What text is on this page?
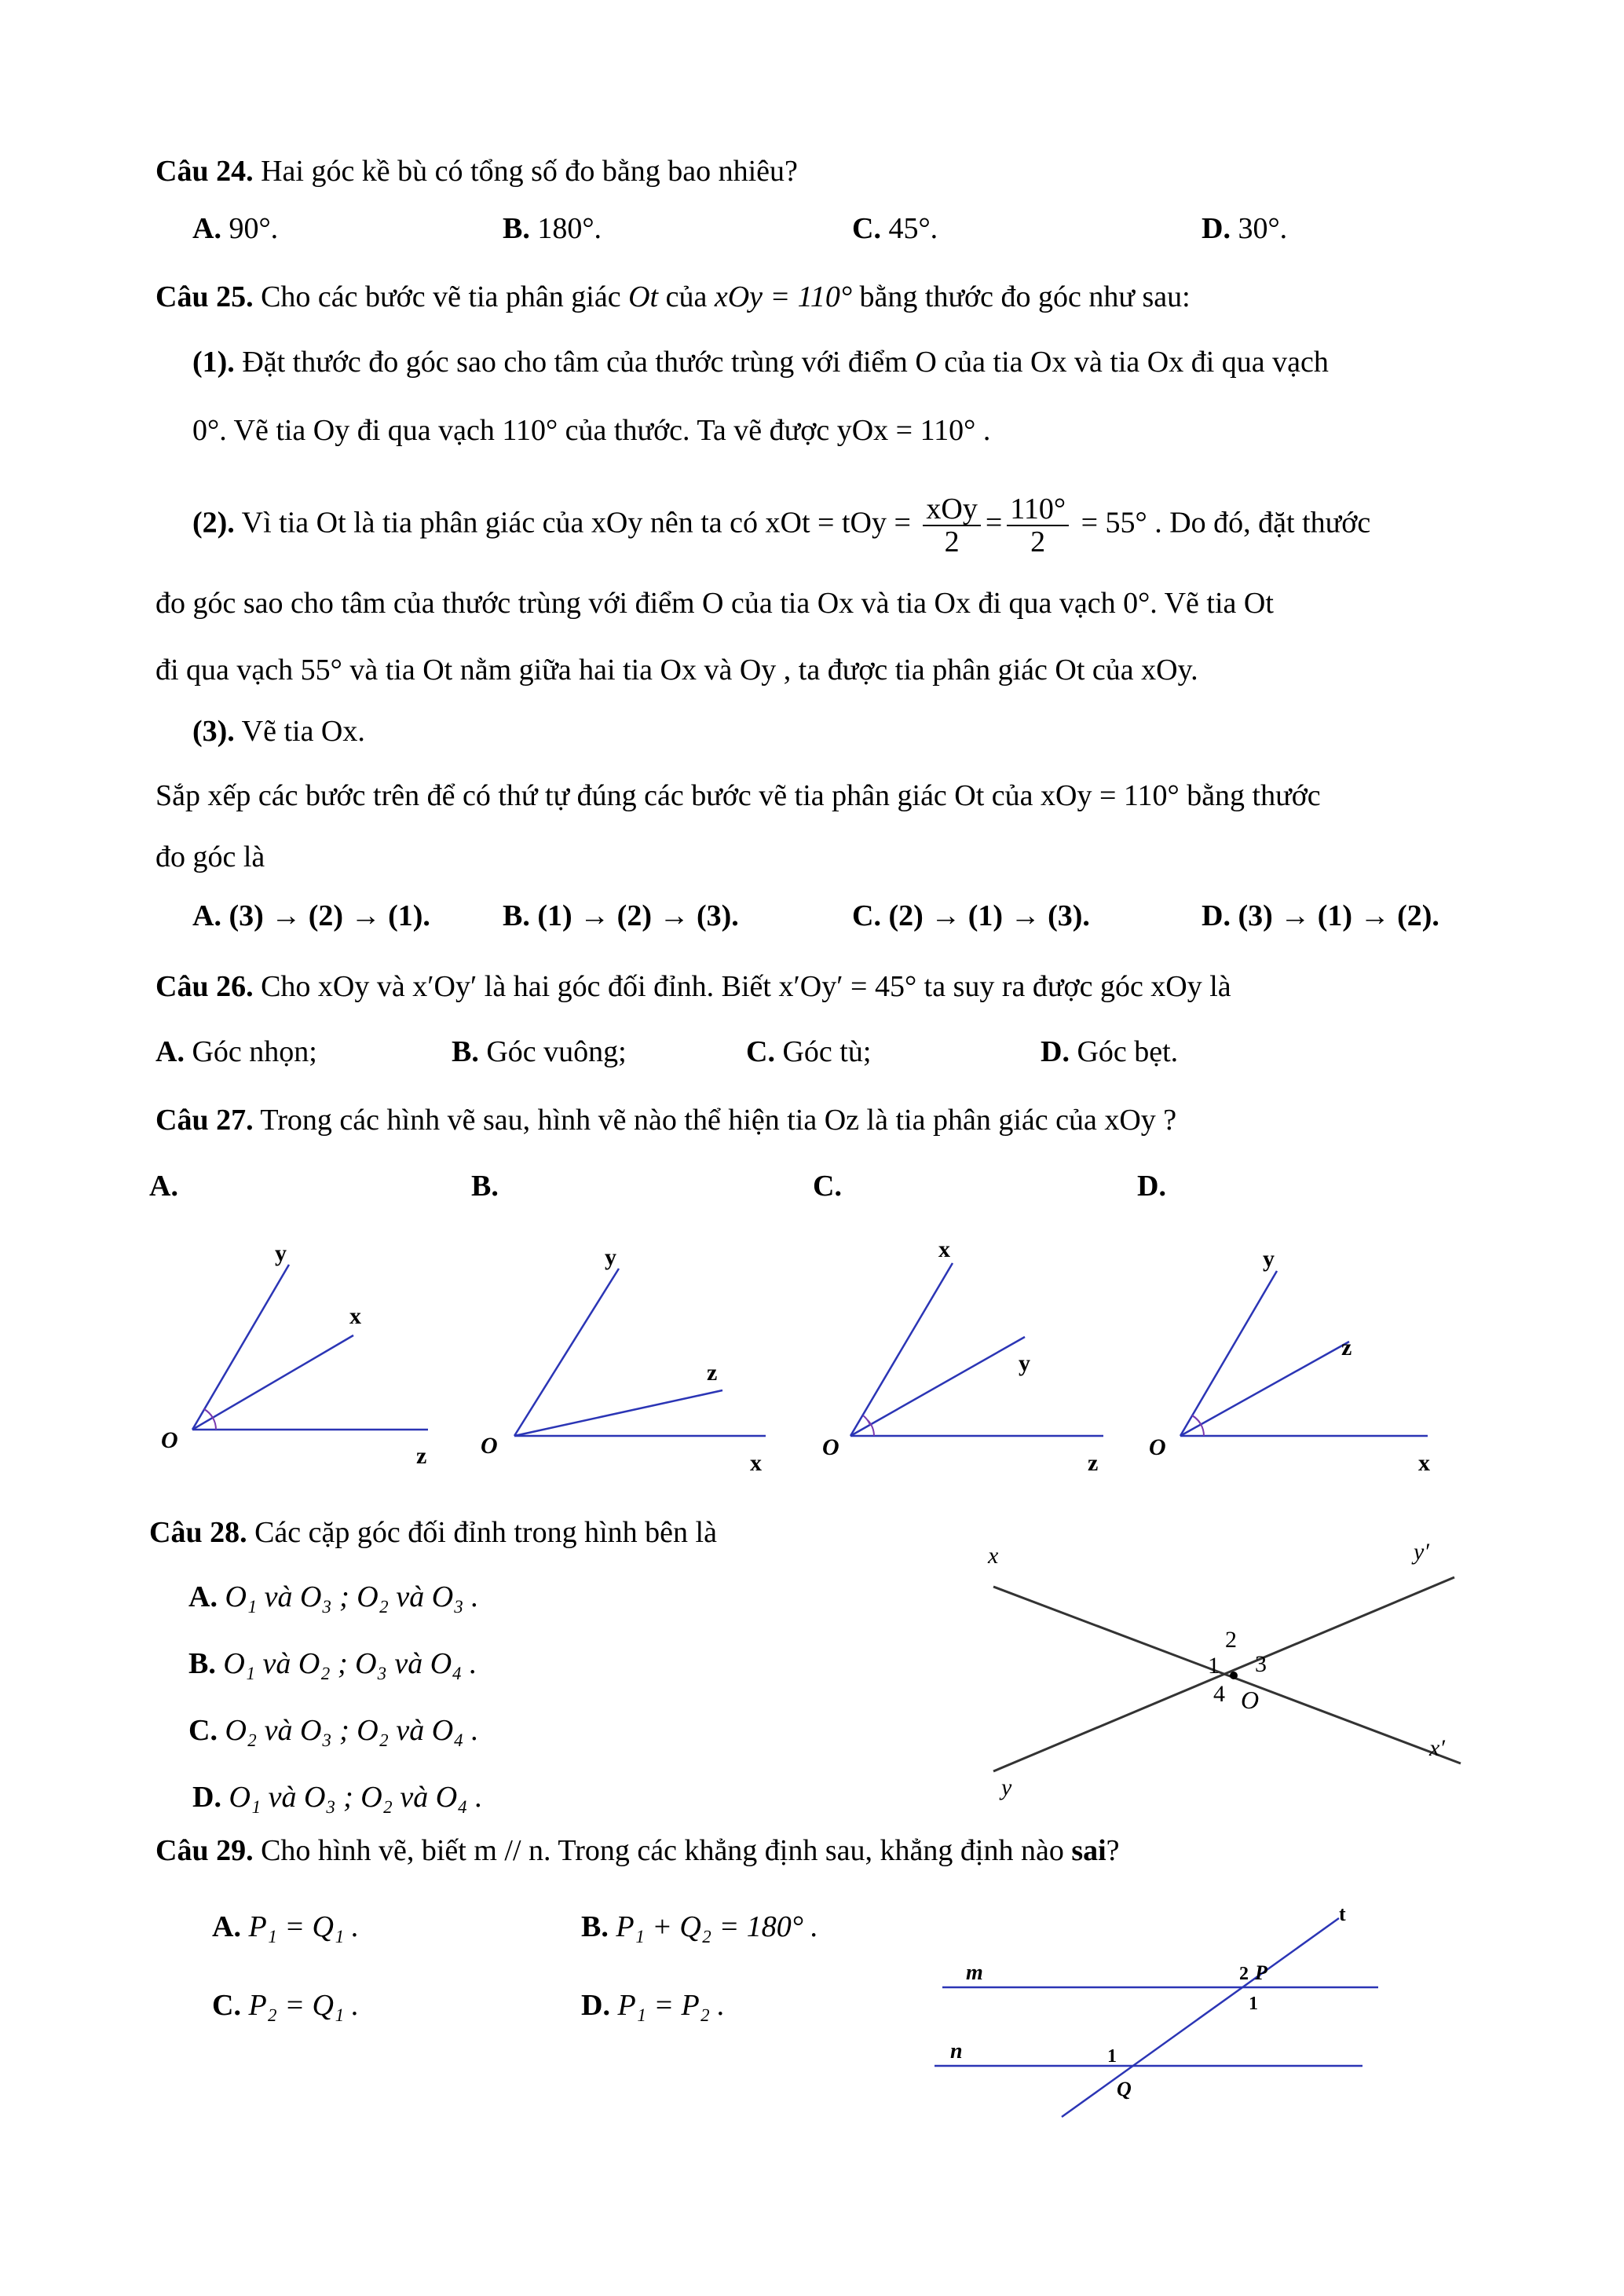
Câu 24. Hai góc kề bù có tổng số đo bằng bao nhiêu?
A. 90°.	B. 180°.	C. 45°.	D. 30°.
Câu 25. Cho các bước vẽ tia phân giác Ot của xOy = 110° bằng thước đo góc như sau:
(1). Đặt thước đo góc sao cho tâm của thước trùng với điểm O của tia Ox và tia Ox đi qua vạch
0°. Vẽ tia Oy đi qua vạch 110° của thước. Ta vẽ được yOx = 110° .
(2). Vì tia Ot là tia phân giác của xOy nên ta có xOt = tOy = $\frac{\text{xOy}}{2} = \frac{110^\circ}{2} = 55^\circ$ . Do đó, đặt thước
đo góc sao cho tâm của thước trùng với điểm O của tia Ox và tia Ox đi qua vạch 0°. Vẽ tia Ot
đi qua vạch 55° và tia Ot nằm giữa hai tia Ox và Oy , ta được tia phân giác Ot của xOy.
(3). Vẽ tia Ox.
Sắp xếp các bước trên để có thứ tự đúng các bước vẽ tia phân giác Ot của xOy = 110° bằng thước
đo góc là
A. (3) → (2) → (1). B. (1) → (2) → (3).	C. (2) → (1) → (3).	D. (3) → (1) → (2).
Câu 26. Cho xOy và x′Oy′ là hai góc đối đỉnh. Biết x′Oy′ = 45° ta suy ra được góc xOy là
A. Góc nhọn;	B. Góc vuông;	C. Góc tù;	D. Góc bẹt.
Câu 27. Trong các hình vẽ sau, hình vẽ nào thể hiện tia Oz là tia phân giác của xOy ?
A.	B.	C.	D.
y
x
z
O
y
z
x
O
x
y
z
O
y
z
x
O
Câu 28. Các cặp góc đối đỉnh trong hình bên là
A. O₁ và O₃ ; O₂ và O₃ .
B. O₁ và O₂ ; O₃ và O₄ .
C. O₂ và O₃ ; O₂ và O₄ .
D. O₁ và O₃ ; O₂ và O₄ .
x	y′
y
x′
1
2
3
4 O
Câu 29. Cho hình vẽ, biết m // n. Trong các khẳng định sau, khẳng định nào sai?
A. P₁ = Q₁ .	B. P₁ + Q₂ = 180° .
C. P₂ = Q₁ .	D. P₁ = P₂ .
m
n
t
P
2
1
1
Q
